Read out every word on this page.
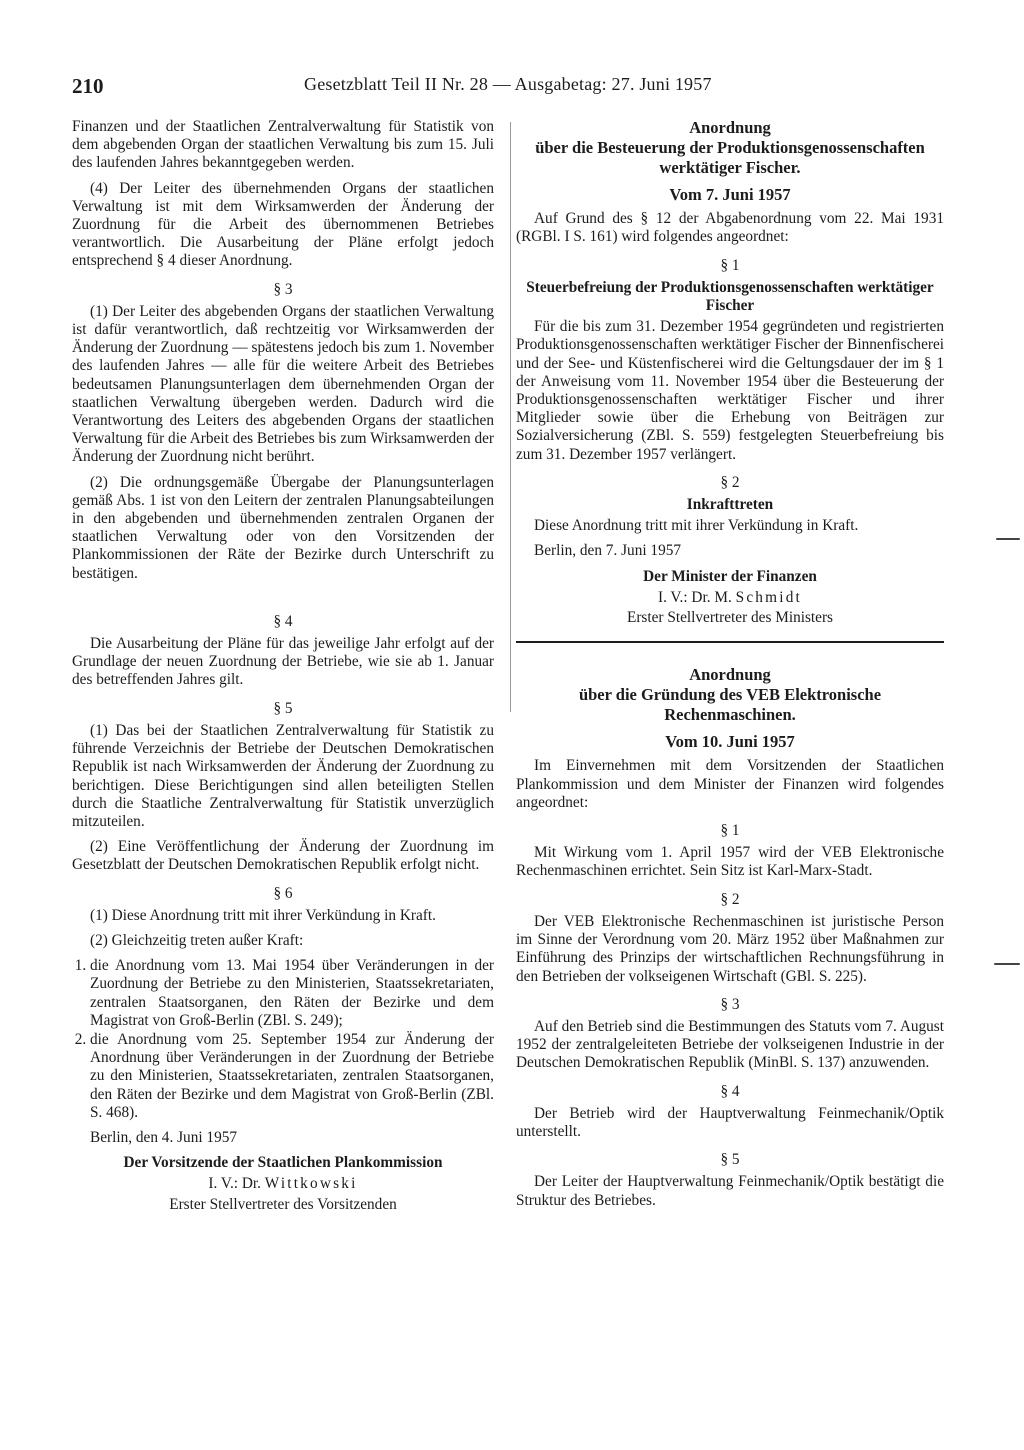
210	Gesetzblatt Teil II Nr. 28 — Ausgabetag: 27. Juni 1957

Finanzen und der Staatlichen Zentralverwaltung für Statistik von dem abgebenden Organ der staatlichen Verwaltung bis zum 15. Juli des laufenden Jahres bekanntgegeben werden.

(4) Der Leiter des übernehmenden Organs der staatlichen Verwaltung ist mit dem Wirksamwerden der Änderung der Zuordnung für die Arbeit des übernommenen Betriebes verantwortlich. Die Ausarbeitung der Pläne erfolgt jedoch entsprechend § 4 dieser Anordnung.

§ 3

(1) Der Leiter des abgebenden Organs der staatlichen Verwaltung ist dafür verantwortlich, daß rechtzeitig vor Wirksamwerden der Änderung der Zuordnung — spätestens jedoch bis zum 1. November des laufenden Jahres — alle für die weitere Arbeit des Betriebes bedeutsamen Planungsunterlagen dem übernehmenden Organ der staatlichen Verwaltung übergeben werden. Dadurch wird die Verantwortung des Leiters des abgebenden Organs der staatlichen Verwaltung für die Arbeit des Betriebes bis zum Wirksamwerden der Änderung der Zuordnung nicht berührt.

(2) Die ordnungsgemäße Übergabe der Planungsunterlagen gemäß Abs. 1 ist von den Leitern der zentralen Planungsabteilungen in den abgebenden und übernehmenden zentralen Organen der staatlichen Verwaltung oder von den Vorsitzenden der Plankommissionen der Räte der Bezirke durch Unterschrift zu bestätigen.

§ 4

Die Ausarbeitung der Pläne für das jeweilige Jahr erfolgt auf der Grundlage der neuen Zuordnung der Betriebe, wie sie ab 1. Januar des betreffenden Jahres gilt.

§ 5

(1) Das bei der Staatlichen Zentralverwaltung für Statistik zu führende Verzeichnis der Betriebe der Deutschen Demokratischen Republik ist nach Wirksamwerden der Änderung der Zuordnung zu berichtigen. Diese Berichtigungen sind allen beteiligten Stellen durch die Staatliche Zentralverwaltung für Statistik unverzüglich mitzuteilen.

(2) Eine Veröffentlichung der Änderung der Zuordnung im Gesetzblatt der Deutschen Demokratischen Republik erfolgt nicht.

§ 6

(1) Diese Anordnung tritt mit ihrer Verkündung in Kraft.

(2) Gleichzeitig treten außer Kraft:

1. die Anordnung vom 13. Mai 1954 über Veränderungen in der Zuordnung der Betriebe zu den Ministerien, Staatssekretariaten, zentralen Staatsorganen, den Räten der Bezirke und dem Magistrat von Groß-Berlin (ZBl. S. 249);
2. die Anordnung vom 25. September 1954 zur Änderung der Anordnung über Veränderungen in der Zuordnung der Betriebe zu den Ministerien, Staatssekretariaten, zentralen Staatsorganen, den Räten der Bezirke und dem Magistrat von Groß-Berlin (ZBl. S. 468).

Berlin, den 4. Juni 1957

Der Vorsitzende der Staatlichen Plankommission
I. V.: Dr. Wittkowski
Erster Stellvertreter des Vorsitzenden
Anordnung
über die Besteuerung der Produktionsgenossenschaften werktätiger Fischer.
Vom 7. Juni 1957

Auf Grund des § 12 der Abgabenordnung vom 22. Mai 1931 (RGBl. I S. 161) wird folgendes angeordnet:

§ 1
Steuerbefreiung der Produktionsgenossenschaften werktätiger Fischer

Für die bis zum 31. Dezember 1954 gegründeten und registrierten Produktionsgenossenschaften werktätiger Fischer der Binnenfischerei und der See- und Küstenfischerei wird die Geltungsdauer der im § 1 der Anweisung vom 11. November 1954 über die Besteuerung der Produktionsgenossenschaften werktätiger Fischer und ihrer Mitglieder sowie über die Erhebung von Beiträgen zur Sozialversicherung (ZBl. S. 559) festgelegten Steuerbefreiung bis zum 31. Dezember 1957 verlängert.

§ 2
Inkrafttreten

Diese Anordnung tritt mit ihrer Verkündung in Kraft.

Berlin, den 7. Juni 1957

Der Minister der Finanzen
I. V.: Dr. M. Schmidt
Erster Stellvertreter des Ministers
Anordnung
über die Gründung des VEB Elektronische Rechenmaschinen.
Vom 10. Juni 1957

Im Einvernehmen mit dem Vorsitzenden der Staatlichen Plankommission und dem Minister der Finanzen wird folgendes angeordnet:

§ 1

Mit Wirkung vom 1. April 1957 wird der VEB Elektronische Rechenmaschinen errichtet. Sein Sitz ist Karl-Marx-Stadt.

§ 2

Der VEB Elektronische Rechenmaschinen ist juristische Person im Sinne der Verordnung vom 20. März 1952 über Maßnahmen zur Einführung des Prinzips der wirtschaftlichen Rechnungsführung in den Betrieben der volkseigenen Wirtschaft (GBl. S. 225).

§ 3

Auf den Betrieb sind die Bestimmungen des Statuts vom 7. August 1952 der zentralgeleiteten Betriebe der volkseigenen Industrie in der Deutschen Demokratischen Republik (MinBl. S. 137) anzuwenden.

§ 4

Der Betrieb wird der Hauptverwaltung Feinmechanik/Optik unterstellt.

§ 5

Der Leiter der Hauptverwaltung Feinmechanik/Optik bestätigt die Struktur des Betriebes.
